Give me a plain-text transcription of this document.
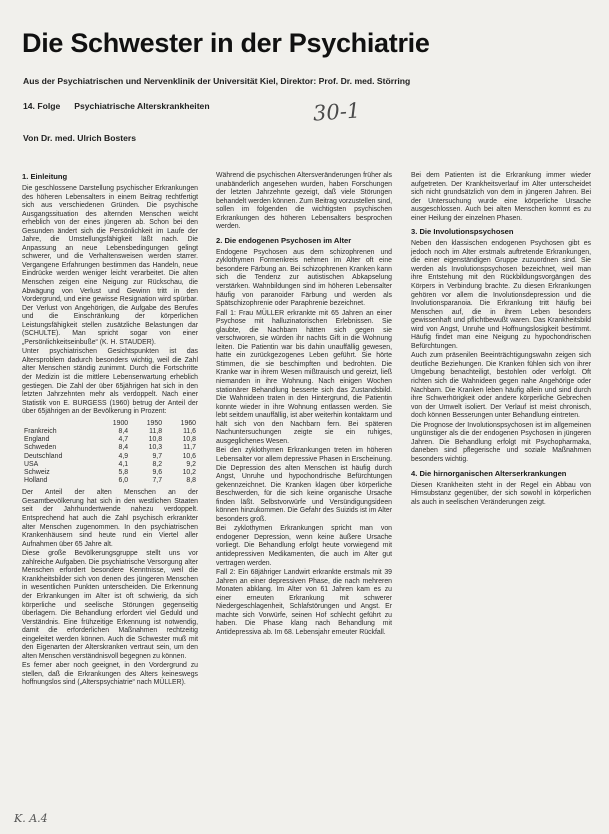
Die Schwester in der Psychiatrie
Aus der Psychiatrischen und Nervenklinik der Universität Kiel, Direktor: Prof. Dr. med. Störring
14. Folge Psychiatrische Alterskrankheiten	30-1
Von Dr. med. Ulrich Bosters
1. Einleitung

Die geschlossene Darstellung psychischer Erkrankungen des höheren Lebensalters in einem Beitrag rechtfertigt sich aus verschiedenen Gründen. Die psychische Ausgangssituation des alternden Menschen weicht erheblich von der eines jüngeren ab. Schon bei den Gesunden ändert sich die Persönlichkeit im Laufe der Jahre, die Umstellungsfähigkeit läßt nach. Die Anpassung an neue Lebensbedingungen gelingt schwerer, und die Verhaltensweisen werden starrer. Vergangene Erfahrungen bestimmen das Handeln, neue Eindrücke werden weniger leicht verarbeitet. Die alten Menschen zeigen eine Neigung zur Rückschau, die Abwägung von Verlust und Gewinn tritt in den Vordergrund, und eine gewisse Resignation wird spürbar. Der Verlust von Angehörigen, die Aufgabe des Berufes und die Einschränkung der körperlichen Leistungsfähigkeit stellen zusätzliche Belastungen dar (SCHULTE). Man spricht sogar von einer „Persönlichkeitseinbuße“ (K. H. STAUDER).

Unter psychiatrischen Gesichtspunkten ist das Altersproblem dadurch besonders wichtig, weil die Zahl alter Menschen ständig zunimmt. Durch die Fortschritte der Medizin ist die mittlere Lebenserwartung erheblich gestiegen. Die Zahl der über 65jährigen hat sich in den letzten Jahrzehnten mehr als verdoppelt. Nach einer Statistik von E. BURGESS (1960) betrug der Anteil der über 65jährigen an der Bevölkerung in Prozent:

	1900	1950	1960
Frankreich	8,4	11,8	11,6
England	4,7	10,8	10,8
Schweden	8,4	10,3	11,7
Deutschland	4,9	9,7	10,6
USA	4,1	8,2	9,2
Schweiz	5,8	9,6	10,2
Holland	6,0	7,7	8,8

Der Anteil der alten Menschen an der Gesamtbevölkerung hat sich in den westlichen Staaten seit der Jahrhundertwende nahezu verdoppelt. Entsprechend hat auch die Zahl psychisch erkrankter alter Menschen zugenommen. In den psychiatrischen Krankenhäusern sind heute rund ein Viertel aller Aufnahmen über 65 Jahre alt.

Diese große Bevölkerungsgruppe stellt uns vor zahlreiche Aufgaben. Die psychiatrische Versorgung alter Menschen erfordert besondere Kenntnisse, weil die Krankheitsbilder sich von denen des jüngeren Menschen in wesentlichen Punkten unterscheiden. Die Erkennung der Erkrankungen im Alter ist oft schwierig, da sich körperliche und seelische Störungen gegenseitig überlagern. Die Behandlung erfordert viel Geduld und Verständnis. Eine frühzeitige Erkennung ist notwendig, damit die erforderlichen Maßnahmen rechtzeitig eingeleitet werden können. Auch die Schwester muß mit den Eigenarten der Alterskranken vertraut sein, um den alten Menschen verständnisvoll begegnen zu können.

Es ferner aber noch geeignet, in den Vordergrund zu stellen, daß die Erkrankungen des Alters keineswegs hoffnungslos sind („Alterspsychiatrie“ nach MÜLLER).

Während die psychischen Altersveränderungen früher als unabänderlich angesehen wurden, haben Forschungen der letzten Jahrzehnte gezeigt, daß viele Störungen behandelt werden können. Zum Beitrag vorzustellen sind, sollen im folgenden die wichtigsten psychischen Erkrankungen des höheren Lebensalters besprochen werden.

2. Die endogenen Psychosen im Alter

Endogene Psychosen aus dem schizophrenen und zyklothymen Formenkreis nehmen im Alter oft eine besondere Färbung an. Bei schizophrenen Kranken kann sich die Tendenz zur autistischen Abkapselung verstärken. Wahnbildungen sind im höheren Lebensalter häufig von paranoider Färbung und werden als Spätschizophrenie oder Paraphrenie bezeichnet.

Fall 1: Frau MÜLLER erkrankte mit 65 Jahren an einer Psychose mit halluzinatorischen Erlebnissen. Sie glaubte, die Nachbarn hätten sich gegen sie verschworen, sie würden ihr nachts Gift in die Wohnung leiten. Die Patientin war bis dahin unauffällig gewesen, hatte ein zurückgezogenes Leben geführt. Sie hörte Stimmen, die sie beschimpften und bedrohten. Die Kranke war in ihrem Wesen mißtrauisch und gereizt, ließ niemanden in ihre Wohnung. Nach einigen Wochen stationärer Behandlung besserte sich das Zustandsbild. Die Wahnideen traten in den Hintergrund, die Patientin konnte wieder in ihre Wohnung entlassen werden. Sie lebt seitdem unauffällig, ist aber weiterhin kontaktarm und hält sich von den Nachbarn fern. Bei späteren Nachuntersuchungen zeigte sie ein ruhiges, ausgeglichenes Wesen.

Bei den zyklothymen Erkrankungen treten im höheren Lebensalter vor allem depressive Phasen in Erscheinung. Die Depression des alten Menschen ist häufig durch Angst, Unruhe und hypochondrische Befürchtungen gekennzeichnet. Die Kranken klagen über körperliche Beschwerden, für die sich keine organische Ursache finden läßt. Selbstvorwürfe und Versündigungsideen können hinzukommen. Die Gefahr des Suizids ist im Alter besonders groß.

Bei zyklothymen Erkrankungen spricht man von endogener Depression, wenn keine äußere Ursache vorliegt. Die Behandlung erfolgt heute vorwiegend mit antidepressiven Medikamenten, die auch im Alter gut vertragen werden.

Fall 2: Ein 68jähriger Landwirt erkrankte erstmals mit 39 Jahren an einer depressiven Phase, die nach mehreren Monaten abklang. Im Alter von 61 Jahren kam es zu einer erneuten Erkrankung mit schwerer Niedergeschlagenheit, Schlafstörungen und Angst. Er machte sich Vorwürfe, seinen Hof schlecht geführt zu haben. Die Phase klang nach Behandlung mit Antidepressiva ab. Im 68. Lebensjahr erneuter Rückfall.

Bei dem Patienten ist die Erkrankung immer wieder aufgetreten. Der Krankheitsverlauf im Alter unterscheidet sich nicht grundsätzlich von dem in jüngeren Jahren. Bei der Untersuchung wurde eine körperliche Ursache ausgeschlossen. Auch bei alten Menschen kommt es zu einer Heilung der einzelnen Phasen.

3. Die Involutionspsychosen

Neben den klassischen endogenen Psychosen gibt es jedoch noch im Alter erstmals auftretende Erkrankungen, die einer eigenständigen Gruppe zuzuordnen sind. Sie werden als Involutionspsychosen bezeichnet, weil man ihre Entstehung mit den Rückbildungsvorgängen des Körpers in Verbindung brachte. Zu diesen Erkrankungen gehören vor allem die Involutionsdepression und die Involutionsparanoia. Die Erkrankung tritt häufig bei Menschen auf, die in ihrem Leben besonders gewissenhaft und pflichtbewußt waren. Das Krankheitsbild wird von Angst, Unruhe und Hoffnungslosigkeit bestimmt. Häufig findet man eine Neigung zu hypochondrischen Befürchtungen.

Auch zum präsenilen Beeinträchtigungswahn zeigen sich deutliche Beziehungen. Die Kranken fühlen sich von ihrer Umgebung benachteiligt, bestohlen oder verfolgt. Oft richten sich die Wahnideen gegen nahe Angehörige oder Nachbarn. Die Kranken leben häufig allein und sind durch ihre Schwerhörigkeit oder andere körperliche Gebrechen von der Umwelt isoliert. Der Verlauf ist meist chronisch, doch können Besserungen unter Behandlung eintreten.

Die Prognose der Involutionspsychosen ist im allgemeinen ungünstiger als die der endogenen Psychosen in jüngeren Jahren. Die Behandlung erfolgt mit Psychopharmaka, daneben sind pflegerische und soziale Maßnahmen besonders wichtig.

4. Die hirnorganischen Alterserkrankungen

Diesen Krankheiten steht in der Regel ein Abbau von Hirnsubstanz gegenüber, der sich sowohl in körperlichen als auch in seelischen Veränderungen zeigt.

K. A.4
